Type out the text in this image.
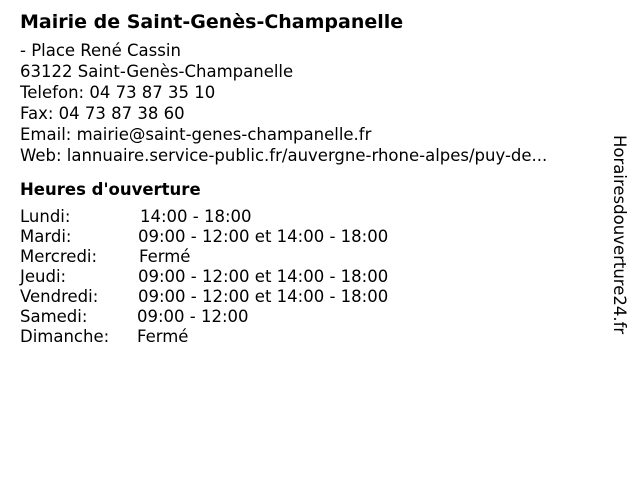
Mairie de Saint-Genès-Champanelle
- Place René Cassin
63122 Saint-Genès-Champanelle
Telefon: 04 73 87 35 10
Fax: 04 73 87 38 60
Email: mairie@saint-genes-champanelle.fr
Web: lannuaire.service-public.fr/auvergne-rhone-alpes/puy-de...
Heures d'ouverture
Lundi:	14:00 - 18:00
Mardi:	09:00 - 12:00 et 14:00 - 18:00
Mercredi:	Fermé
Jeudi:	09:00 - 12:00 et 14:00 - 18:00
Vendredi:	09:00 - 12:00 et 14:00 - 18:00
Samedi:	09:00 - 12:00
Dimanche:	Fermé
Horairesdouverture24.fr
